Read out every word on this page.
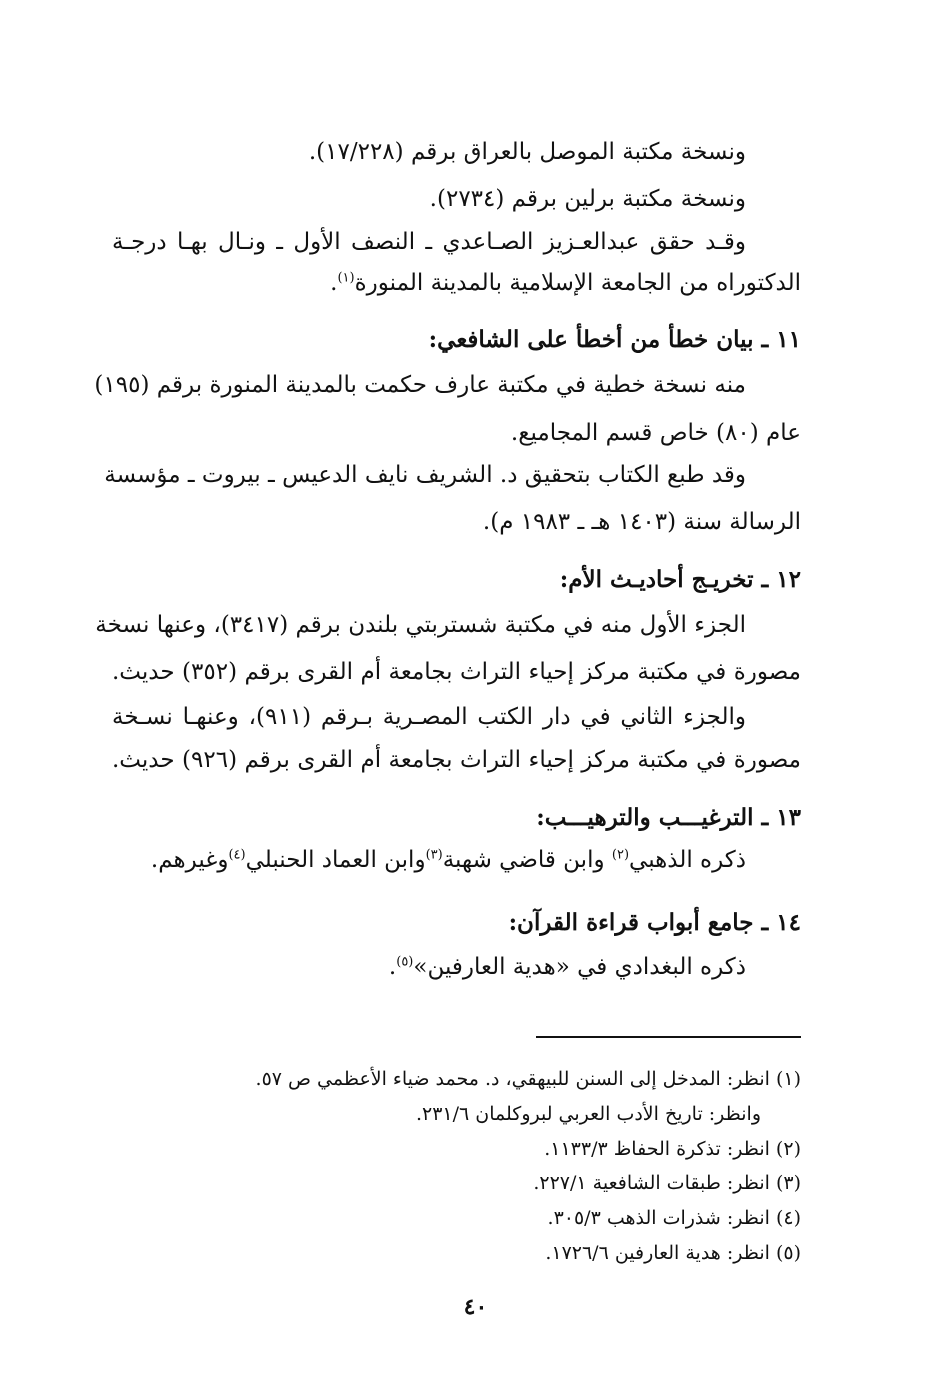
ونسخة مكتبة الموصل بالعراق برقم (١٧/٢٢٨).
ونسخة مكتبة برلين برقم (٢٧٣٤).
وقـد حقق عبدالعـزيز الصـاعدي ـ النصف الأول ـ ونـال بهـا درجـة
الدكتوراه من الجامعة الإسلامية بالمدينة المنورة$^{(١)}$.
١١ ـ بيان خطأ من أخطأ على الشافعي:
منه نسخة خطية في مكتبة عارف حكمت بالمدينة المنورة برقم (١٩٥)
عام (٨٠) خاص قسم المجاميع.
وقد طبع الكتاب بتحقيق د. الشريف نايف الدعيس ـ بيروت ـ مؤسسة
الرسالة سنة (١٤٠٣ هـ ـ ١٩٨٣ م).
١٢ ـ تخريـج أحاديـث الأم:
الجزء الأول منه في مكتبة شستربتي بلندن برقم (٣٤١٧)، وعنها نسخة
مصورة في مكتبة مركز إحياء التراث بجامعة أم القرى برقم (٣٥٢) حديث.
والجزء الثاني في دار الكتب المصـرية بـرقم (٩١١)، وعنهـا نسـخة
مصورة في مكتبة مركز إحياء التراث بجامعة أم القرى برقم (٩٢٦) حديث.
١٣ ـ الترغيـــب والترهيـــب:
ذكره الذهبي$^{(٢)}$ وابن قاضي شهبة$^{(٣)}$وابن العماد الحنبلي$^{(٤)}$وغيرهم.
١٤ ـ جامع أبواب قراءة القرآن:
ذكره البغدادي في «هدية العارفين»$^{(٥)}$.
(١) انظر: المدخل إلى السنن للبيهقي، د. محمد ضياء الأعظمي ص ٥٧.
وانظر: تاريخ الأدب العربي لبروكلمان ٢٣١/٦.
(٢) انظر: تذكرة الحفاظ ١١٣٣/٣.
(٣) انظر: طبقات الشافعية ٢٢٧/١.
(٤) انظر: شذرات الذهب ٣٠٥/٣.
(٥) انظر: هدية العارفين ١٧٢٦/٦.
٤٠
